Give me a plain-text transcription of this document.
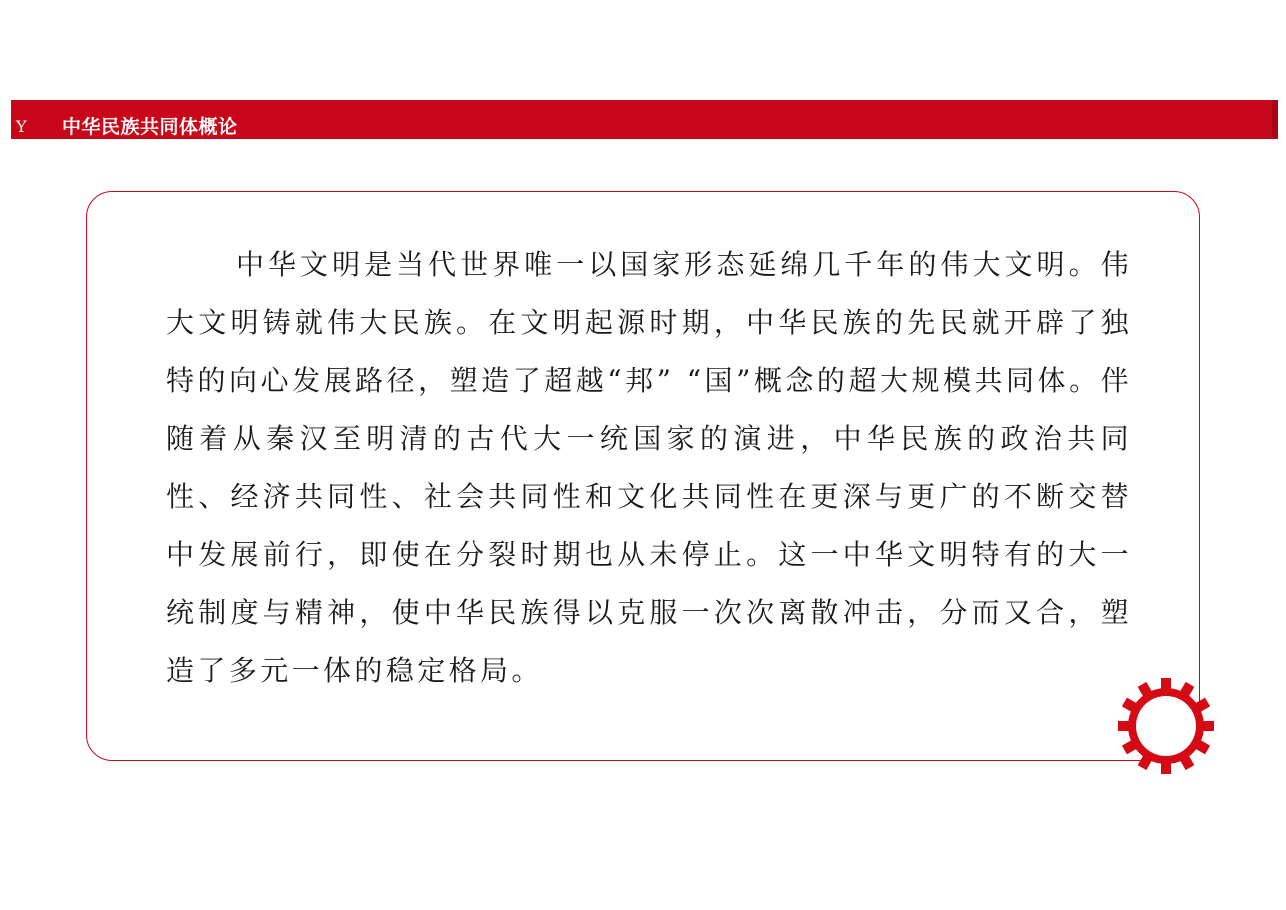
Y 中华民族共同体概论

中华文明是当代世界唯一以国家形态延绵几千年的伟大文明。伟大文明铸就伟大民族。在文明起源时期，中华民族的先民就开辟了独特的向心发展路径，塑造了超越“邦” “国”概念的超大规模共同体。伴随着从秦汉至明清的古代大一统国家的演进，中华民族的政治共同性、经济共同性、社会共同性和文化共同性在更深与更广的不断交替中发展前行，即使在分裂时期也从未停止。这一中华文明特有的大一统制度与精神，使中华民族得以克服一次次离散冲击，分而又合，塑造了多元一体的稳定格局。
